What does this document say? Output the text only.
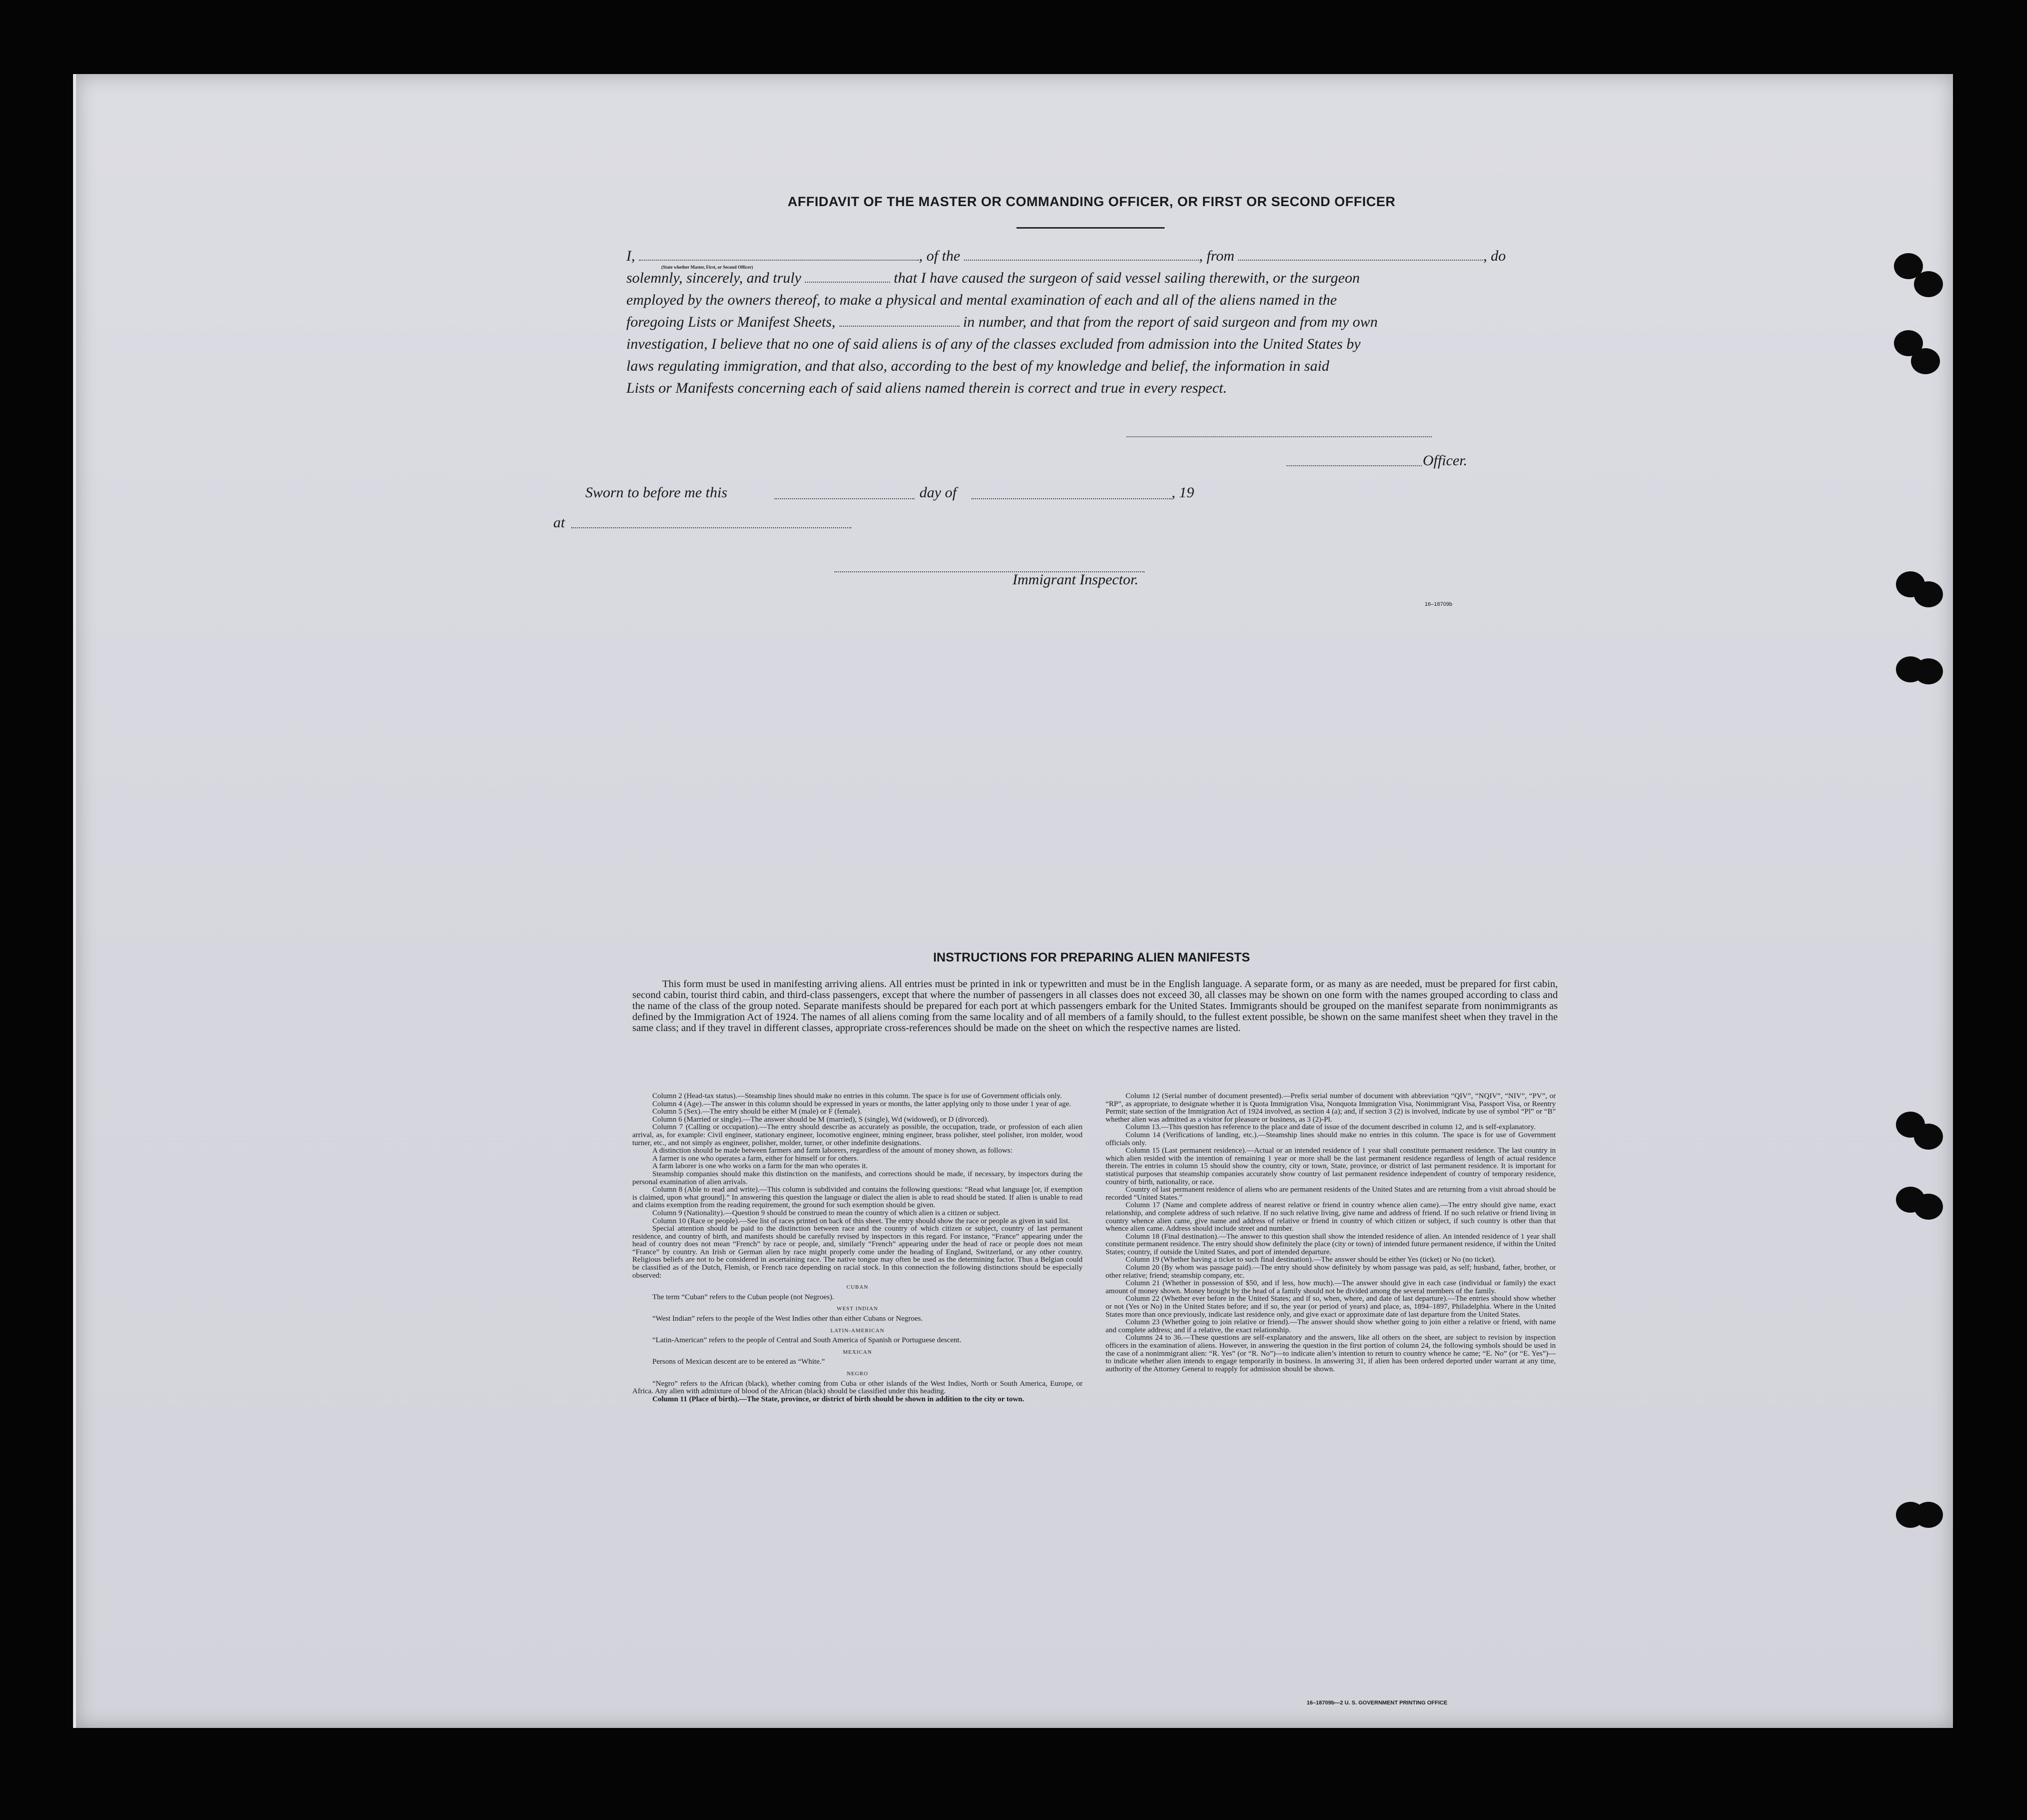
AFFIDAVIT OF THE MASTER OR COMMANDING OFFICER, OR FIRST OR SECOND OFFICER
I,	, of the	, from	, do
(State whether Master, First, or Second Officer)
solemnly, sincerely, and truly	that I have caused the surgeon of said vessel sailing therewith, or the surgeon
employed by the owners thereof, to make a physical and mental examination of each and all of the aliens named in the
foregoing Lists or Manifest Sheets,	in number, and that from the report of said surgeon and from my own
investigation, I believe that no one of said aliens is of any of the classes excluded from admission into the United States by
laws regulating immigration, and that also, according to the best of my knowledge and belief, the information in said
Lists or Manifests concerning each of said aliens named therein is correct and true in every respect.
Officer.
Sworn to before me this	day of	, 19
at
Immigrant Inspector.
16–18709b
INSTRUCTIONS FOR PREPARING ALIEN MANIFESTS
This form must be used in manifesting arriving aliens. All entries must be printed in ink or typewritten and must be in the English language. A separate form, or as many as are needed, must be prepared for first cabin, second cabin, tourist third cabin, and third-class passengers, except that where the number of passengers in all classes does not exceed 30, all classes may be shown on one form with the names grouped according to class and the name of the class of the group noted. Separate manifests should be prepared for each port at which passengers embark for the United States. Immigrants should be grouped on the manifest separate from nonimmigrants as defined by the Immigration Act of 1924. The names of all aliens coming from the same locality and of all members of a family should, to the fullest extent possible, be shown on the same manifest sheet when they travel in the same class; and if they travel in different classes, appropriate cross-references should be made on the sheet on which the respective names are listed.

Column 2 (Head-tax status).—Steamship lines should make no entries in this column. The space is for use of Government officials only.

Column 4 (Age).—The answer in this column should be expressed in years or months, the latter applying only to those under 1 year of age.

Column 5 (Sex).—The entry should be either M (male) or F (female).

Column 6 (Married or single).—The answer should be M (married), S (single), Wd (widowed), or D (divorced).

Column 7 (Calling or occupation).—The entry should describe as accurately as possible, the occupation, trade, or profession of each alien arrival, as, for example: Civil engineer, stationary engineer, locomotive engineer, mining engineer, brass polisher, steel polisher, iron molder, wood turner, etc., and not simply as engineer, polisher, molder, turner, or other indefinite designations.

A distinction should be made between farmers and farm laborers, regardless of the amount of money shown, as follows:

A farmer is one who operates a farm, either for himself or for others.

A farm laborer is one who works on a farm for the man who operates it.

Steamship companies should make this distinction on the manifests, and corrections should be made, if necessary, by inspectors during the personal examination of alien arrivals.

Column 8 (Able to read and write).—This column is subdivided and contains the following questions: “Read what language [or, if exemption is claimed, upon what ground].” In answering this question the language or dialect the alien is able to read should be stated. If alien is unable to read and claims exemption from the reading requirement, the ground for such exemption should be given.

Column 9 (Nationality).—Question 9 should be construed to mean the country of which alien is a citizen or subject.

Column 10 (Race or people).—See list of races printed on back of this sheet. The entry should show the race or people as given in said list.

Special attention should be paid to the distinction between race and the country of which citizen or subject, country of last permanent residence, and country of birth, and manifests should be carefully revised by inspectors in this regard. For instance, “France” appearing under the head of country does not mean “French” by race or people, and, similarly “French” appearing under the head of race or people does not mean “France” by country. An Irish or German alien by race might properly come under the heading of England, Switzerland, or any other country. Religious beliefs are not to be considered in ascertaining race. The native tongue may often be used as the determining factor. Thus a Belgian could be classified as of the Dutch, Flemish, or French race depending on racial stock. In this connection the following distinctions should be especially observed:

CUBAN

The term “Cuban” refers to the Cuban people (not Negroes).

WEST INDIAN

“West Indian” refers to the people of the West Indies other than either Cubans or Negroes.

LATIN-AMERICAN

“Latin-American” refers to the people of Central and South America of Spanish or Portuguese descent.

MEXICAN

Persons of Mexican descent are to be entered as “White.”

NEGRO

“Negro” refers to the African (black), whether coming from Cuba or other islands of the West Indies, North or South America, Europe, or Africa. Any alien with admixture of blood of the African (black) should be classified under this heading.

Column 11 (Place of birth).—The State, province, or district of birth should be shown in addition to the city or town.

Column 12 (Serial number of document presented).—Prefix serial number of document with abbreviation “QIV”, “NQIV”, “NIV”, “PV”, or “RP”, as appropriate, to designate whether it is Quota Immigration Visa, Nonquota Immigration Visa, Nonimmigrant Visa, Passport Visa, or Reentry Permit; state section of the Immigration Act of 1924 involved, as section 4 (a); and, if section 3 (2) is involved, indicate by use of symbol “Pl” or “B” whether alien was admitted as a visitor for pleasure or business, as 3 (2)-Pl.

Column 13.—This question has reference to the place and date of issue of the document described in column 12, and is self-explanatory.

Column 14 (Verifications of landing, etc.).—Steamship lines should make no entries in this column. The space is for use of Government officials only.

Column 15 (Last permanent residence).—Actual or an intended residence of 1 year shall constitute permanent residence. The last country in which alien resided with the intention of remaining 1 year or more shall be the last permanent residence regardless of length of actual residence therein. The entries in column 15 should show the country, city or town, State, province, or district of last permanent residence. It is important for statistical purposes that steamship companies accurately show country of last permanent residence independent of country of temporary residence, country of birth, nationality, or race.

Country of last permanent residence of aliens who are permanent residents of the United States and are returning from a visit abroad should be recorded “United States.”

Column 17 (Name and complete address of nearest relative or friend in country whence alien came).—The entry should give name, exact relationship, and complete address of such relative. If no such relative living, give name and address of friend. If no such relative or friend living in country whence alien came, give name and address of relative or friend in country of which citizen or subject, if such country is other than that whence alien came. Address should include street and number.

Column 18 (Final destination).—The answer to this question shall show the intended residence of alien. An intended residence of 1 year shall constitute permanent residence. The entry should show definitely the place (city or town) of intended future permanent residence, if within the United States; country, if outside the United States, and port of intended departure.

Column 19 (Whether having a ticket to such final destination).—The answer should be either Yes (ticket) or No (no ticket).

Column 20 (By whom was passage paid).—The entry should show definitely by whom passage was paid, as self; husband, father, brother, or other relative; friend; steamship company, etc.

Column 21 (Whether in possession of $50, and if less, how much).—The answer should give in each case (individual or family) the exact amount of money shown. Money brought by the head of a family should not be divided among the several members of the family.

Column 22 (Whether ever before in the United States; and if so, when, where, and date of last departure).—The entries should show whether or not (Yes or No) in the United States before; and if so, the year (or period of years) and place, as, 1894–1897, Philadelphia. Where in the United States more than once previously, indicate last residence only, and give exact or approximate date of last departure from the United States.

Column 23 (Whether going to join relative or friend).—The answer should show whether going to join either a relative or friend, with name and complete address; and if a relative, the exact relationship.

Columns 24 to 36.—These questions are self-explanatory and the answers, like all others on the sheet, are subject to revision by inspection officers in the examination of aliens. However, in answering the question in the first portion of column 24, the following symbols should be used in the case of a nonimmigrant alien: “R. Yes” (or “R. No”)—to indicate alien’s intention to return to country whence he came; “E. No” (or “E. Yes”)—to indicate whether alien intends to engage temporarily in business. In answering 31, if alien has been ordered deported under warrant at any time, authority of the Attorney General to reapply for admission should be shown.

16–18709b—2 U. S. GOVERNMENT PRINTING OFFICE
